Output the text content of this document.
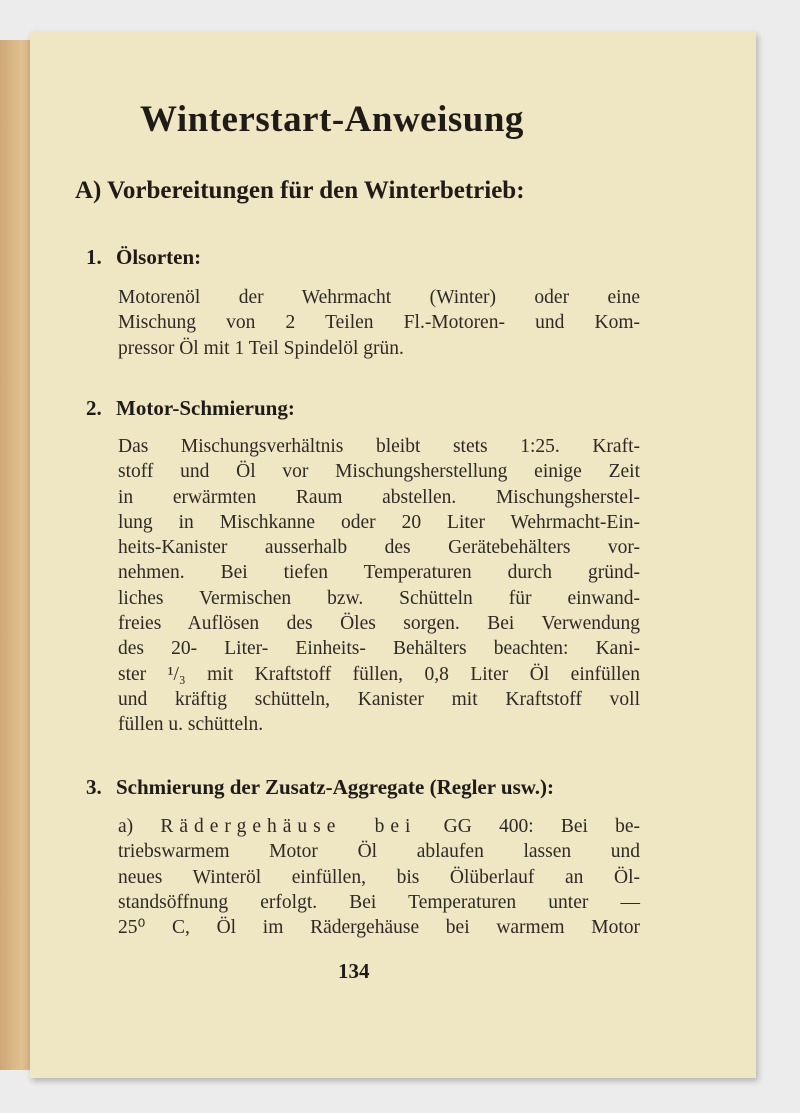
Winterstart-Anweisung
A) Vorbereitungen für den Winterbetrieb:
1. Ölsorten:
Motorenöl der Wehrmacht (Winter) oder eine
Mischung von 2 Teilen Fl.-Motoren- und Kom-
pressor Öl mit 1 Teil Spindelöl grün.
2. Motor-Schmierung:
Das Mischungsverhältnis bleibt stets 1:25. Kraft-
stoff und Öl vor Mischungsherstellung einige Zeit
in erwärmten Raum abstellen. Mischungsherstel-
lung in Mischkanne oder 20 Liter Wehrmacht-Ein-
heits-Kanister ausserhalb des Gerätebehälters vor-
nehmen. Bei tiefen Temperaturen durch gründ-
liches Vermischen bzw. Schütteln für einwand-
freies Auflösen des Öles sorgen. Bei Verwendung
des 20- Liter- Einheits- Behälters beachten: Kani-
ster ¹/₃ mit Kraftstoff füllen, 0,8 Liter Öl einfüllen
und kräftig schütteln, Kanister mit Kraftstoff voll
füllen u. schütteln.
3. Schmierung der Zusatz-Aggregate (Regler usw.):
a) Rädergehäuse bei GG 400: Bei be-
triebswarmem Motor Öl ablaufen lassen und
neues Winteröl einfüllen, bis Ölüberlauf an Öl-
standsöffnung erfolgt. Bei Temperaturen unter —
25⁰ C, Öl im Rädergehäuse bei warmem Motor
134
